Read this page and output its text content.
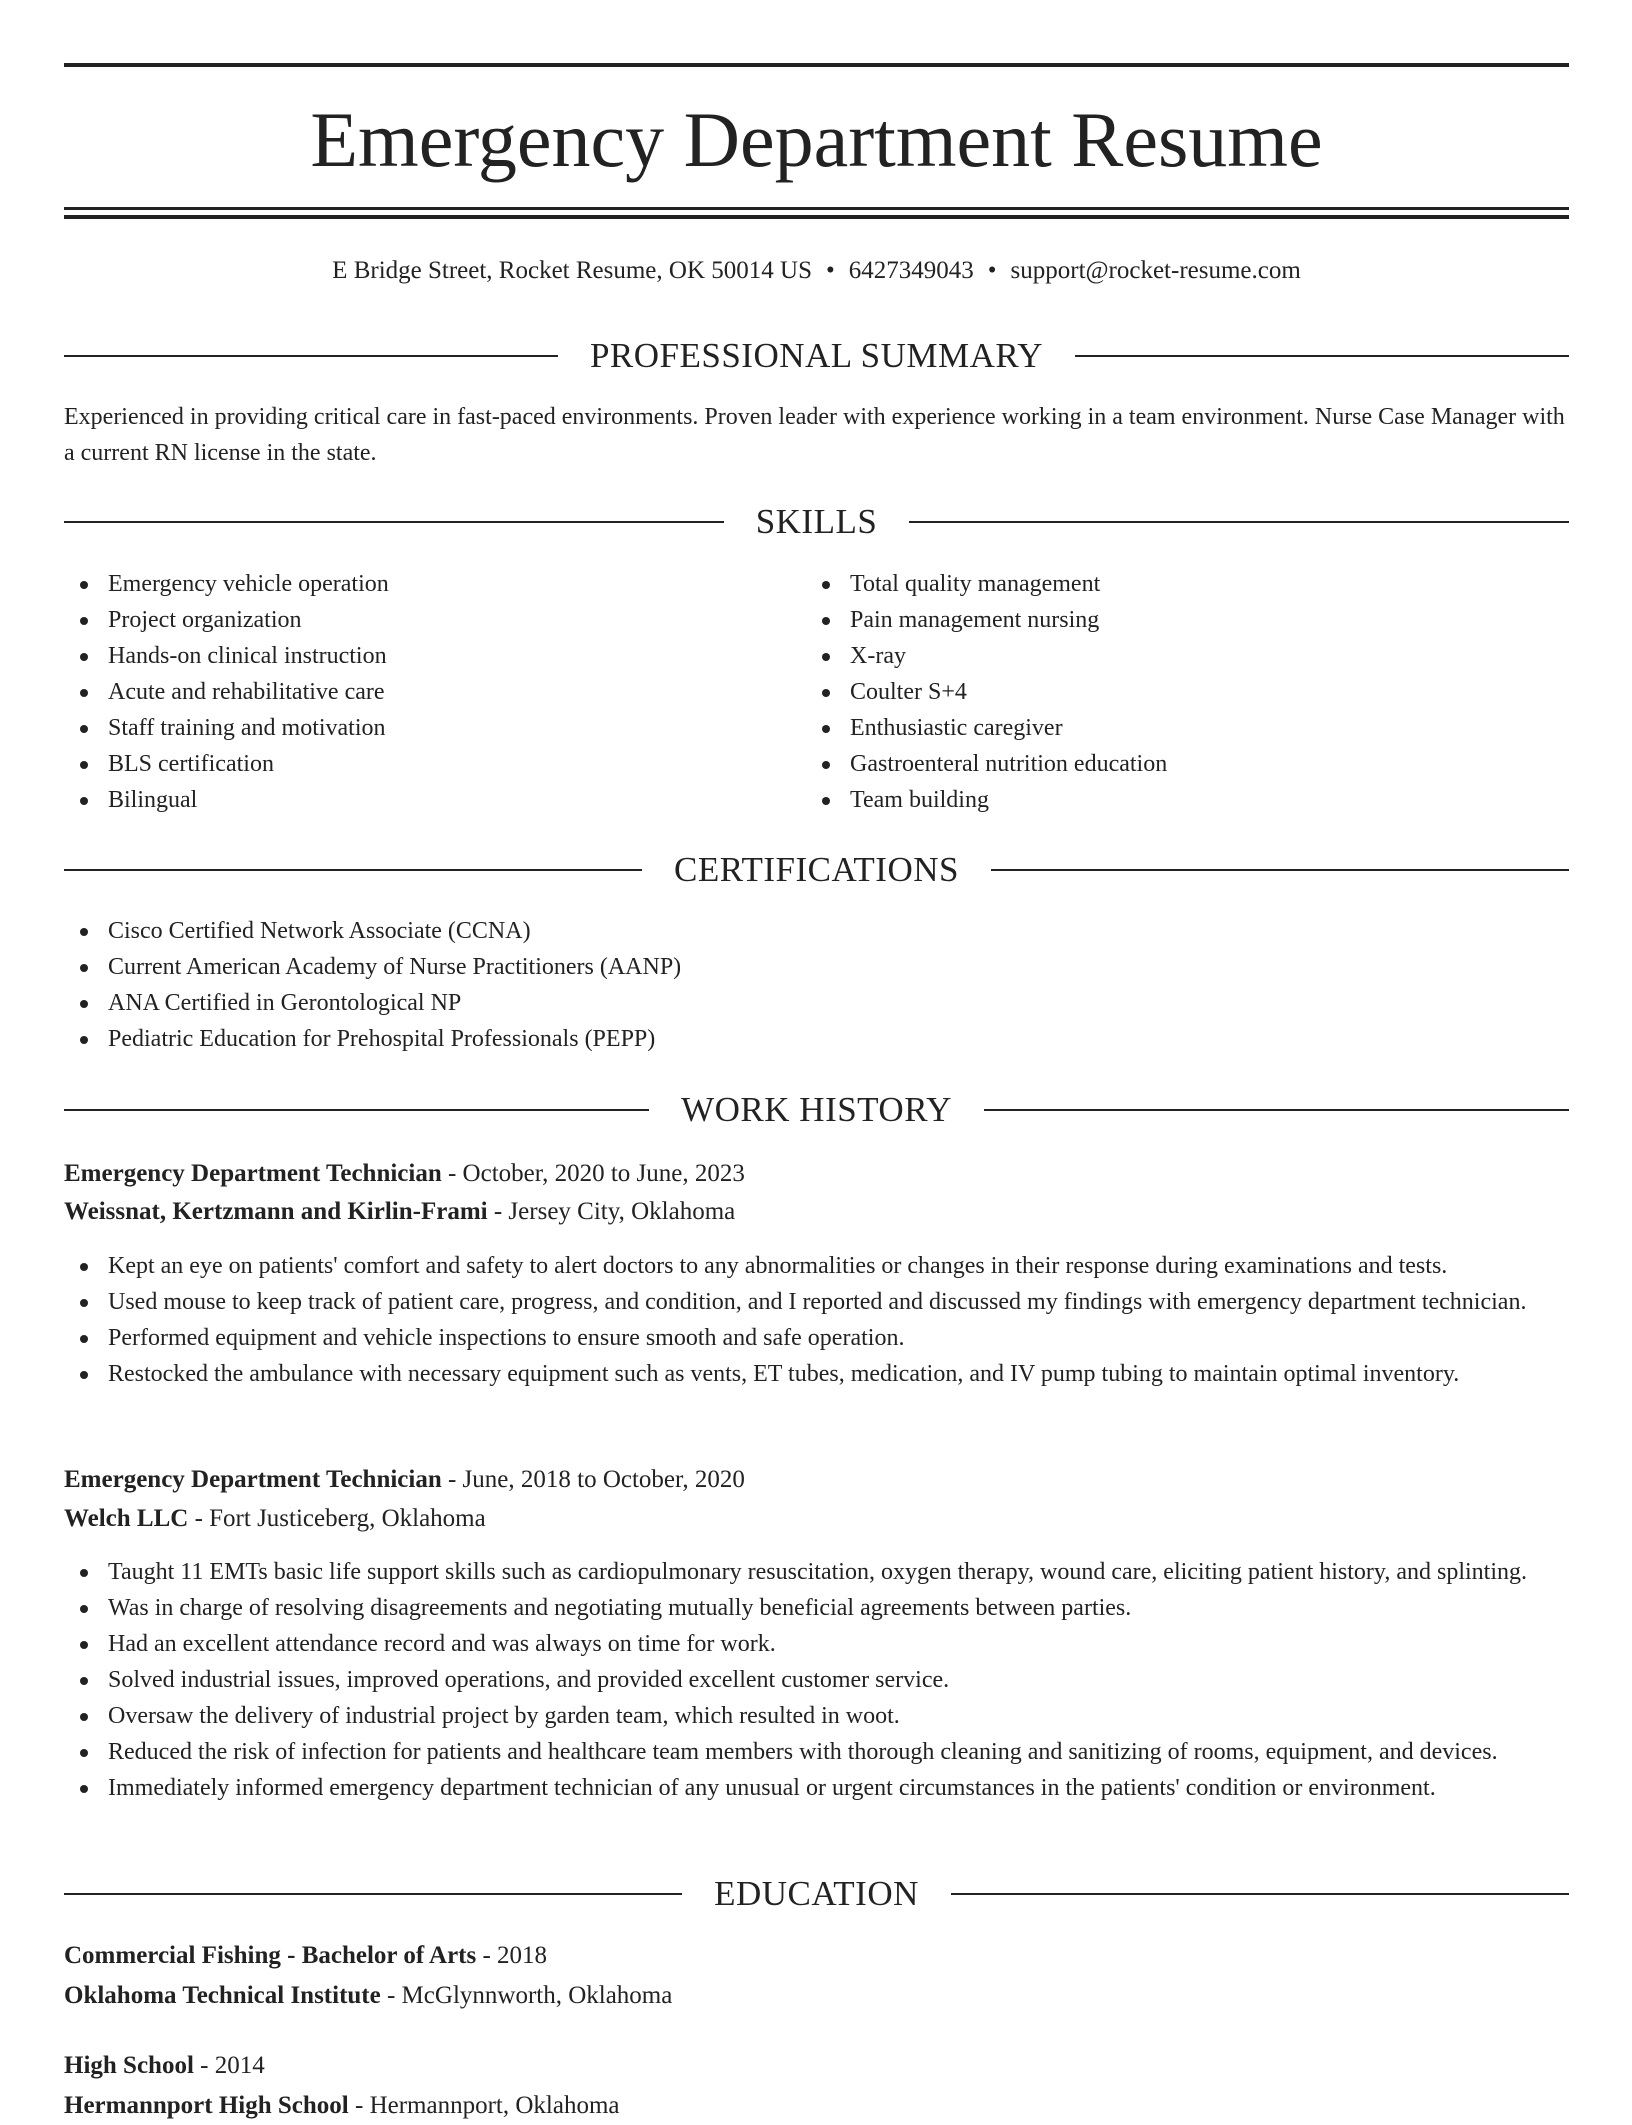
Emergency Department Resume
E Bridge Street, Rocket Resume, OK 50014 US • 6427349043 • support@rocket-resume.com
PROFESSIONAL SUMMARY

Experienced in providing critical care in fast-paced environments. Proven leader with experience working in a team environment. Nurse Case Manager with a current RN license in the state.

SKILLS
Emergency vehicle operation
Project organization
Hands-on clinical instruction
Acute and rehabilitative care
Staff training and motivation
BLS certification
Bilingual
Total quality management
Pain management nursing
X-ray
Coulter S+4
Enthusiastic caregiver
Gastroenteral nutrition education
Team building
CERTIFICATIONS
Cisco Certified Network Associate (CCNA)
Current American Academy of Nurse Practitioners (AANP)
ANA Certified in Gerontological NP
Pediatric Education for Prehospital Professionals (PEPP)
WORK HISTORY

Emergency Department Technician - October, 2020 to June, 2023

Weissnat, Kertzmann and Kirlin-Frami - Jersey City, Oklahoma

Kept an eye on patients' comfort and safety to alert doctors to any abnormalities or changes in their response during examinations and tests.
Used mouse to keep track of patient care, progress, and condition, and I reported and discussed my findings with emergency department technician.
Performed equipment and vehicle inspections to ensure smooth and safe operation.
Restocked the ambulance with necessary equipment such as vents, ET tubes, medication, and IV pump tubing to maintain optimal inventory.

Emergency Department Technician - June, 2018 to October, 2020

Welch LLC - Fort Justiceberg, Oklahoma

Taught 11 EMTs basic life support skills such as cardiopulmonary resuscitation, oxygen therapy, wound care, eliciting patient history, and splinting.
Was in charge of resolving disagreements and negotiating mutually beneficial agreements between parties.
Had an excellent attendance record and was always on time for work.
Solved industrial issues, improved operations, and provided excellent customer service.
Oversaw the delivery of industrial project by garden team, which resulted in woot.
Reduced the risk of infection for patients and healthcare team members with thorough cleaning and sanitizing of rooms, equipment, and devices.
Immediately informed emergency department technician of any unusual or urgent circumstances in the patients' condition or environment.
EDUCATION

Commercial Fishing - Bachelor of Arts - 2018

Oklahoma Technical Institute - McGlynnworth, Oklahoma

High School - 2014

Hermannport High School - Hermannport, Oklahoma
